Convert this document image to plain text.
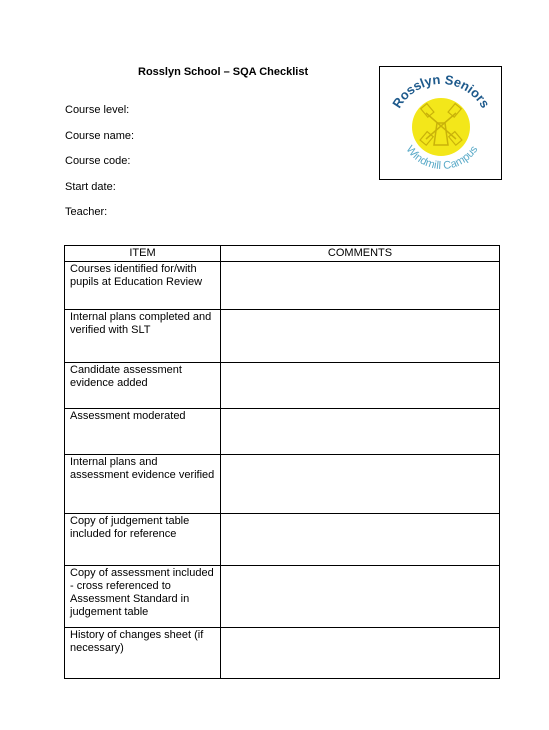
Rosslyn School – SQA Checklist
Course level:
Course name:
Course code:
Start date:
Teacher:
Rosslyn Seniors
Windmill Campus
ITEM	COMMENTS
Courses identified for/with pupils at Education Review	
Internal plans completed and verified with SLT	
Candidate assessment evidence added	
Assessment moderated	
Internal plans and assessment evidence verified	
Copy of judgement table included for reference	
Copy of assessment included - cross referenced to Assessment Standard in judgement table	
History of changes sheet (if necessary)	
